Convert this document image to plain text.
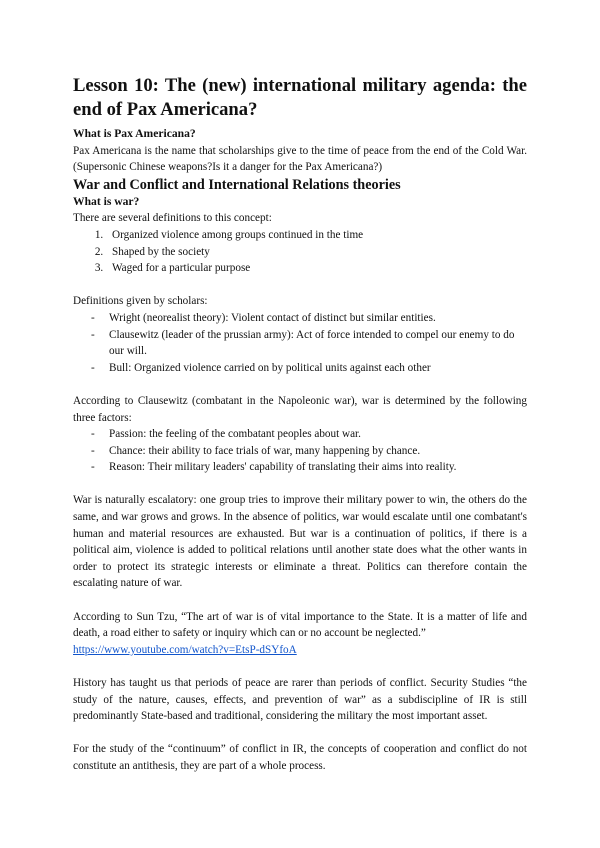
Lesson 10: The (new) international military agenda: the end of Pax Americana?
What is Pax Americana?

Pax Americana is the name that scholarships give to the time of peace from the end of the Cold War. (Supersonic Chinese weapons?Is it a danger for the Pax Americana?)

War and Conflict and International Relations theories
What is war?

There are several definitions to this concept:

1. Organized violence among groups continued in the time
2. Shaped by the society
3. Waged for a particular purpose

Definitions given by scholars:

- Wright (neorealist theory): Violent contact of distinct but similar entities.
- Clausewitz (leader of the prussian army): Act of force intended to compel our enemy to do our will.
- Bull: Organized violence carried on by political units against each other

According to Clausewitz (combatant in the Napoleonic war), war is determined by the following three factors:

- Passion: the feeling of the combatant peoples about war.
- Chance: their ability to face trials of war, many happening by chance.
- Reason: Their military leaders' capability of translating their aims into reality.

War is naturally escalatory: one group tries to improve their military power to win, the others do the same, and war grows and grows. In the absence of politics, war would escalate until one combatant's human and material resources are exhausted. But war is a continuation of politics, if there is a political aim, violence is added to political relations until another state does what the other wants in order to protect its strategic interests or eliminate a threat. Politics can therefore contain the escalating nature of war.

According to Sun Tzu, “The art of war is of vital importance to the State. It is a matter of life and death, a road either to safety or inquiry which can or no account be neglected.”

https://www.youtube.com/watch?v=EtsP-dSYfoA

History has taught us that periods of peace are rarer than periods of conflict. Security Studies “the study of the nature, causes, effects, and prevention of war” as a subdiscipline of IR is still predominantly State-based and traditional, considering the military the most important asset.

For the study of the “continuum” of conflict in IR, the concepts of cooperation and conflict do not constitute an antithesis, they are part of a whole process.
